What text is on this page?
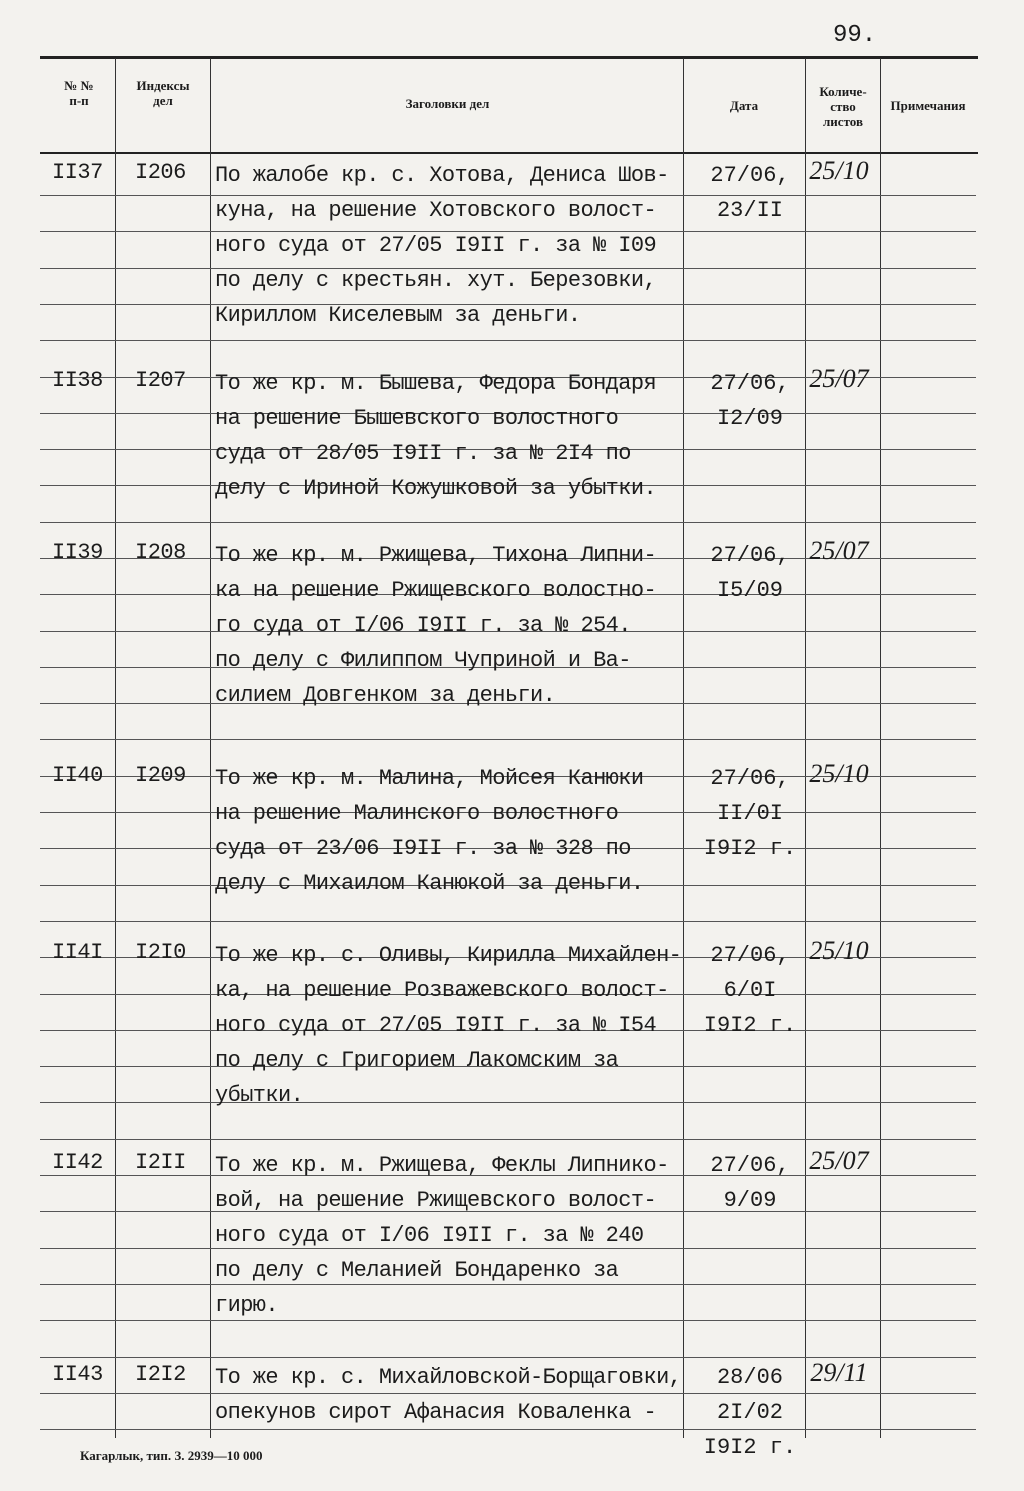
99.
№ №
п-п
Индексы
дел	Заголовки дел	Дата
Количе-
ство
листов
Примечания
II37 I206 По жалобе кр. с. Хотова, Дениса Шов-
куна, на решение Хотовского волост-
ного суда от 27/05 I9II г. за № I09
по делу с крестьян. хут. Березовки,
Кириллом Киселевым за деньги.
27/06,
23/II
25/10
II38 I207 То же кр. м. Бышева, Федора Бондаря
на решение Бышевского волостного
суда от 28/05 I9II г. за № 2I4 по
делу с Ириной Кожушковой за убытки.
27/06,
I2/09
25/07
II39 I208 То же кр. м. Ржищева, Тихона Липни-
ка на решение Ржищевского волостно-
го суда от I/06 I9II г. за № 254.
по делу с Филиппом Чуприной и Ва-
силием Довгенком за деньги.
27/06,
I5/09
25/07
II40 I209 То же кр. м. Малина, Мойсея Канюки
на решение Малинского волостного
суда от 23/06 I9II г. за № 328 по
делу с Михаилом Канюкой за деньги.
27/06,
II/0I
I9I2 г.
25/10
II4I I2I0 То же кр. с. Оливы, Кирилла Михайлен-
ка, на решение Розважевского волост-
ного суда от 27/05 I9II г. за № I54
по делу с Григорием Лакомским за
убытки.
27/06,
6/0I
I9I2 г.
25/10
II42 I2II То же кр. м. Ржищева, Феклы Липнико-
вой, на решение Ржищевского волост-
ного суда от I/06 I9II г. за № 240
по делу с Меланией Бондаренко за
гирю.
27/06,
9/09
25/07
II43 I2I2 То же кр. с. Михайловской-Борщаговки,
опекунов сирот Афанасия Коваленка -
28/06
2I/02
I9I2 г.
29/11
Кагарлык, тип. З. 2939—10 000
